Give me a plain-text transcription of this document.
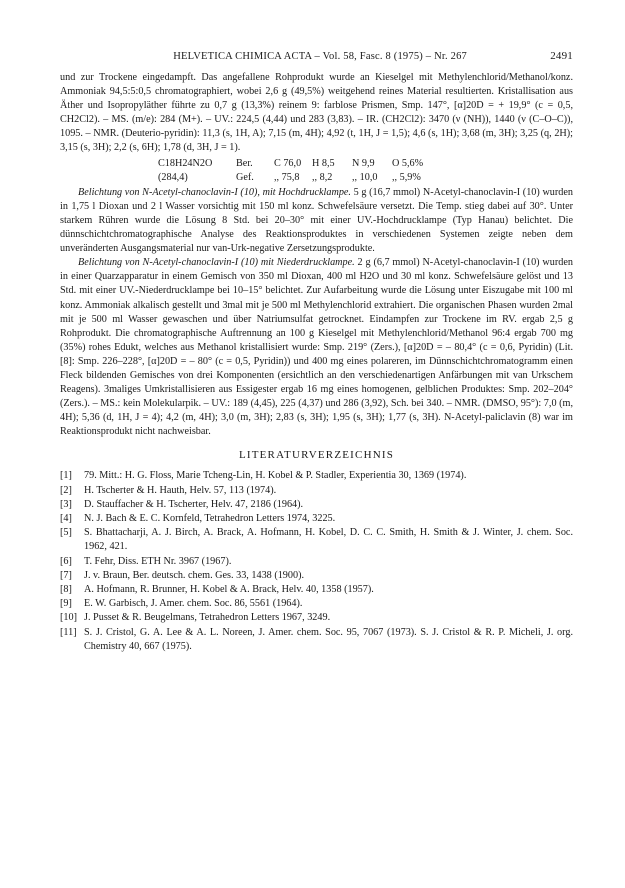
HELVETICA CHIMICA ACTA – Vol. 58, Fasc. 8 (1975) – Nr. 267	2491

und zur Trockene eingedampft. Das angefallene Rohprodukt wurde an Kieselgel mit Methylenchlorid/Methanol/konz. Ammoniak 94,5:5:0,5 chromatographiert, wobei 2,6 g (49,5%) weitgehend reines Material resultierten. Kristallisation aus Äther und Isopropyläther führte zu 0,7 g (13,3%) reinem 9: farblose Prismen, Smp. 147°, [α]20D = + 19,9° (c = 0,5, CH2Cl2). – MS. (m/e): 284 (M+). – UV.: 224,5 (4,44) und 283 (3,83). – IR. (CH2Cl2): 3470 (ν (NH)), 1440 (ν (C–O–C)), 1095. – NMR. (Deuterio-pyridin): 11,3 (s, 1H, A); 7,15 (m, 4H); 4,92 (t, 1H, J = 1,5); 4,6 (s, 1H); 3,68 (m, 3H); 3,25 (q, 2H); 3,15 (s, 3H); 2,2 (s, 6H); 1,78 (d, 3H, J = 1).

C18H24N2O	Ber.	C 76,0	H 8,5	N 9,9	O 5,6%
(284,4)	Gef.	,, 75,8	,, 8,2	,, 10,0	,, 5,9%

Belichtung von N-Acetyl-chanoclavin-I (10), mit Hochdrucklampe. 5 g (16,7 mmol) N-Acetyl-chanoclavin-I (10) wurden in 1,75 l Dioxan und 2 l Wasser vorsichtig mit 150 ml konz. Schwefelsäure versetzt. Die Temp. stieg dabei auf 30°. Unter starkem Rühren wurde die Lösung 8 Std. bei 20–30° mit einer UV.-Hochdrucklampe (Typ Hanau) belichtet. Die dünnschichtchromatographische Analyse des Reaktionsproduktes in verschiedenen Systemen zeigte neben dem unveränderten Ausgangsmaterial nur van-Urk-negative Zersetzungsprodukte.

Belichtung von N-Acetyl-chanoclavin-I (10) mit Niederdrucklampe. 2 g (6,7 mmol) N-Acetyl-chanoclavin-I (10) wurden in einer Quarzapparatur in einem Gemisch von 350 ml Dioxan, 400 ml H2O und 30 ml konz. Schwefelsäure gelöst und 13 Std. mit einer UV.-Niederdrucklampe bei 10–15° belichtet. Zur Aufarbeitung wurde die Lösung unter Eiszugabe mit 100 ml konz. Ammoniak alkalisch gestellt und 3mal mit je 500 ml Methylenchlorid extrahiert. Die organischen Phasen wurden 2mal mit je 500 ml Wasser gewaschen und über Natriumsulfat getrocknet. Eindampfen zur Trockene im RV. ergab 2,5 g Rohprodukt. Die chromatographische Auftrennung an 100 g Kieselgel mit Methylenchlorid/Methanol 96:4 ergab 700 mg (35%) rohes Edukt, welches aus Methanol kristallisiert wurde: Smp. 219° (Zers.), [α]20D = – 80,4° (c = 0,6, Pyridin) (Lit. [8]: Smp. 226–228°, [α]20D = – 80° (c = 0,5, Pyridin)) und 400 mg eines polareren, im Dünnschichtchromatogramm einen Fleck bildenden Gemisches von drei Komponenten (ersichtlich an den verschiedenartigen Anfärbungen mit van Urkschem Reagens). 3maliges Umkristallisieren aus Essigester ergab 16 mg eines homogenen, gelblichen Produktes: Smp. 202–204° (Zers.). – MS.: kein Molekularpik. – UV.: 189 (4,45), 225 (4,37) und 286 (3,92), Sch. bei 340. – NMR. (DMSO, 95°): 7,0 (m, 4H); 5,36 (d, 1H, J = 4); 4,2 (m, 4H); 3,0 (m, 3H); 2,83 (s, 3H); 1,95 (s, 3H); 1,77 (s, 3H). N-Acetyl-paliclavin (8) war im Reaktionsprodukt nicht nachweisbar.

LITERATURVERZEICHNIS
[1]	79. Mitt.: H. G. Floss, Marie Tcheng-Lin, H. Kobel & P. Stadler, Experientia 30, 1369 (1974).
[2]	H. Tscherter & H. Hauth, Helv. 57, 113 (1974).
[3]	D. Stauffacher & H. Tscherter, Helv. 47, 2186 (1964).
[4]	N. J. Bach & E. C. Kornfeld, Tetrahedron Letters 1974, 3225.
[5]	S. Bhattacharji, A. J. Birch, A. Brack, A. Hofmann, H. Kobel, D. C. C. Smith, H. Smith & J. Winter, J. chem. Soc. 1962, 421.
[6]	T. Fehr, Diss. ETH Nr. 3967 (1967).
[7]	J. v. Braun, Ber. deutsch. chem. Ges. 33, 1438 (1900).
[8]	A. Hofmann, R. Brunner, H. Kobel & A. Brack, Helv. 40, 1358 (1957).
[9]	E. W. Garbisch, J. Amer. chem. Soc. 86, 5561 (1964).
[10] J. Pusset & R. Beugelmans, Tetrahedron Letters 1967, 3249.
[11] S. J. Cristol, G. A. Lee & A. L. Noreen, J. Amer. chem. Soc. 95, 7067 (1973). S. J. Cristol & R. P. Micheli, J. org. Chemistry 40, 667 (1975).
